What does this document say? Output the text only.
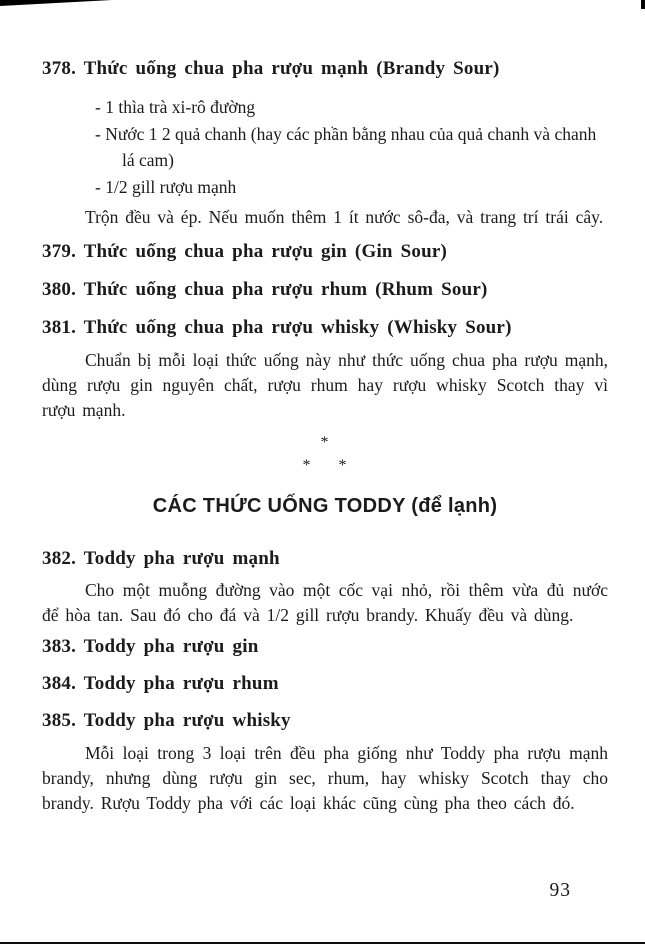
378. Thức uống chua pha rượu mạnh (Brandy Sour)
- 1 thìa trà xi-rô đường
- Nước 1 2 quả chanh (hay các phần bằng nhau của quả chanh và chanh lá cam)
- 1/2 gill rượu mạnh

Trộn đều và ép. Nếu muốn thêm 1 ít nước sô-đa, và trang trí trái cây.

379. Thức uống chua pha rượu gin (Gin Sour)
380. Thức uống chua pha rượu rhum (Rhum Sour)
381. Thức uống chua pha rượu whisky (Whisky Sour)

Chuẩn bị mỗi loại thức uống này như thức uống chua pha rượu mạnh, dùng rượu gin nguyên chất, rượu rhum hay rượu whisky Scotch thay vì rượu mạnh.

*
* *
CÁC THỨC UỐNG TODDY (để lạnh)
382. Toddy pha rượu mạnh

Cho một muỗng đường vào một cốc vại nhỏ, rồi thêm vừa đủ nước để hòa tan. Sau đó cho đá và 1/2 gill rượu brandy. Khuấy đều và dùng.

383. Toddy pha rượu gin
384. Toddy pha rượu rhum
385. Toddy pha rượu whisky

Mỗi loại trong 3 loại trên đều pha giống như Toddy pha rượu mạnh brandy, nhưng dùng rượu gin sec, rhum, hay whisky Scotch thay cho brandy. Rượu Toddy pha với các loại khác cũng cùng pha theo cách đó.

93
